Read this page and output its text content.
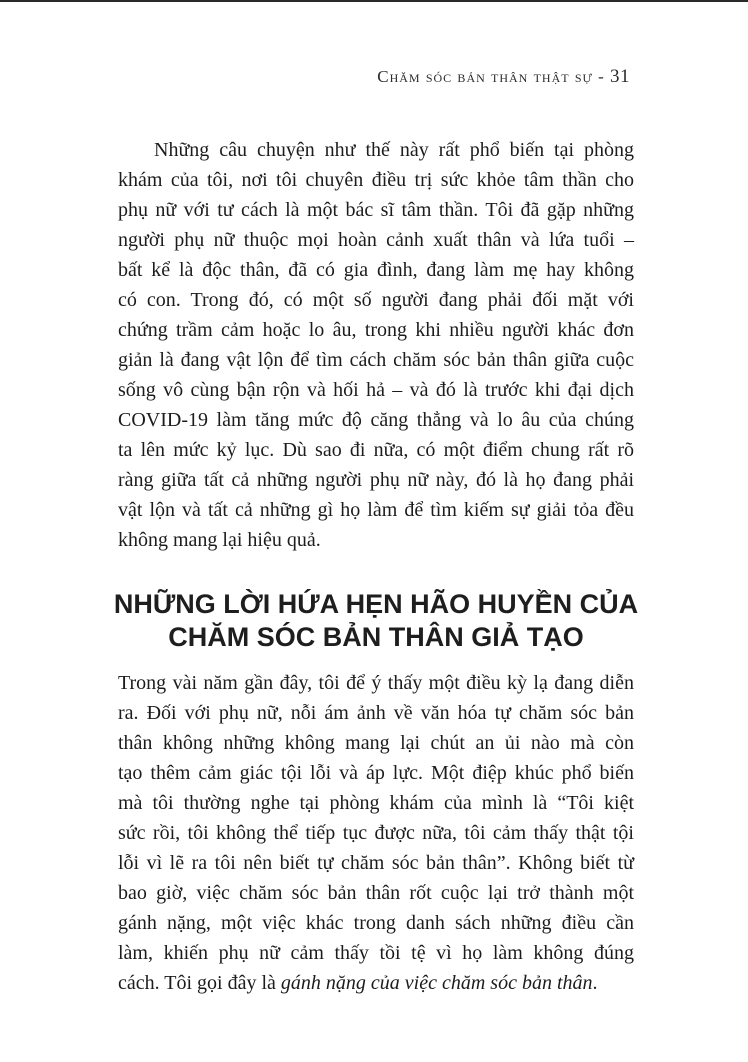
Chăm sóc bản thân thật sự - 31
Những câu chuyện như thế này rất phổ biến tại phòng
khám của tôi, nơi tôi chuyên điều trị sức khỏe tâm thần cho
phụ nữ với tư cách là một bác sĩ tâm thần. Tôi đã gặp những
người phụ nữ thuộc mọi hoàn cảnh xuất thân và lứa tuổi –
bất kể là độc thân, đã có gia đình, đang làm mẹ hay không
có con. Trong đó, có một số người đang phải đối mặt với
chứng trầm cảm hoặc lo âu, trong khi nhiều người khác đơn
giản là đang vật lộn để tìm cách chăm sóc bản thân giữa cuộc
sống vô cùng bận rộn và hối hả – và đó là trước khi đại dịch
COVID-19 làm tăng mức độ căng thẳng và lo âu của chúng
ta lên mức kỷ lục. Dù sao đi nữa, có một điểm chung rất rõ
ràng giữa tất cả những người phụ nữ này, đó là họ đang phải
vật lộn và tất cả những gì họ làm để tìm kiếm sự giải tỏa đều
không mang lại hiệu quả.
NHỮNG LỜI HỨA HẸN HÃO HUYỀN CỦA
CHĂM SÓC BẢN THÂN GIẢ TẠO
Trong vài năm gần đây, tôi để ý thấy một điều kỳ lạ đang diễn
ra. Đối với phụ nữ, nỗi ám ảnh về văn hóa tự chăm sóc bản
thân không những không mang lại chút an ủi nào mà còn
tạo thêm cảm giác tội lỗi và áp lực. Một điệp khúc phổ biến
mà tôi thường nghe tại phòng khám của mình là “Tôi kiệt
sức rồi, tôi không thể tiếp tục được nữa, tôi cảm thấy thật tội
lỗi vì lẽ ra tôi nên biết tự chăm sóc bản thân”. Không biết từ
bao giờ, việc chăm sóc bản thân rốt cuộc lại trở thành một
gánh nặng, một việc khác trong danh sách những điều cần
làm, khiến phụ nữ cảm thấy tồi tệ vì họ làm không đúng
cách. Tôi gọi đây là gánh nặng của việc chăm sóc bản thân.
